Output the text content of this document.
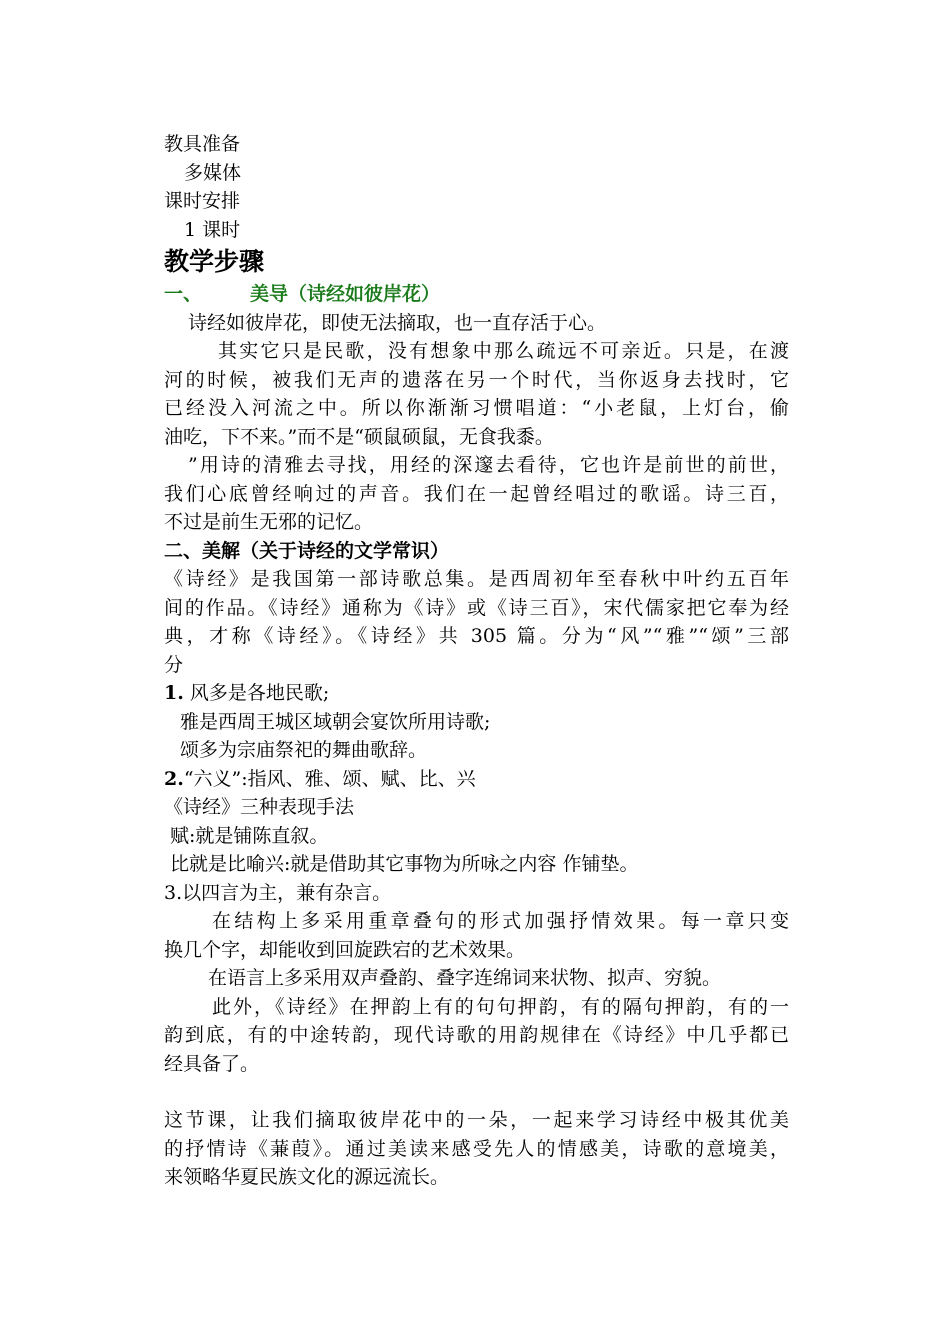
教具准备

多媒体

课时安排

1 课时

教学步骤

一、	美导（诗经如彼岸花）

诗经如彼岸花，即使无法摘取，也一直存活于心。

其实它只是民歌，没有想象中那么疏远不可亲近。只是，在渡

河的时候，被我们无声的遗落在另一个时代，当你返身去找时，它

已经没入河流之中。所以你渐渐习惯唱道：“小老鼠，上灯台，偷

油吃，下不来。”而不是“硕鼠硕鼠，无食我黍。

”用诗的清雅去寻找，用经的深邃去看待，它也许是前世的前世，

我们心底曾经响过的声音。我们在一起曾经唱过的歌谣。诗三百，

不过是前生无邪的记忆。

二、美解（关于诗经的文学常识）

《诗经》是我国第一部诗歌总集。是西周初年至春秋中叶约五百年

间的作品。《诗经》通称为《诗》或《诗三百》，宋代儒家把它奉为经

典，才称《诗经》。《诗经》共 305 篇。分为“风”“雅”“颂”三部

分

1. 风多是各地民歌;

雅是西周王城区域朝会宴饮所用诗歌;

颂多为宗庙祭祀的舞曲歌辞。

2.“六义”:指风、雅、颂、赋、比、兴

《诗经》三种表现手法

赋:就是铺陈直叙。

比就是比喻兴:就是借助其它事物为所咏之内容 作铺垫。

3.以四言为主，兼有杂言。

在结构上多采用重章叠句的形式加强抒情效果。每一章只变

换几个字，却能收到回旋跌宕的艺术效果。

在语言上多采用双声叠韵、叠字连绵词来状物、拟声、穷貌。

此外，《诗经》在押韵上有的句句押韵，有的隔句押韵，有的一

韵到底，有的中途转韵，现代诗歌的用韵规律在《诗经》中几乎都已

经具备了。

这节课，让我们摘取彼岸花中的一朵，一起来学习诗经中极其优美

的抒情诗《蒹葭》。通过美读来感受先人的情感美，诗歌的意境美，

来领略华夏民族文化的源远流长。
